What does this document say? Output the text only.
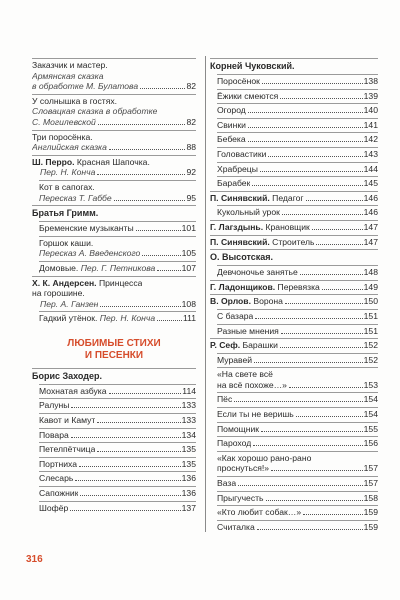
Заказчик и мастер.
Армянская сказка
в обработке М. Булатова	82
У солнышка в гостях.
Словацкая сказка в обработке
С. Могилевской	82
Три поросёнка.
Английская сказка	88
Ш. Перро. Красная Шапочка.
Пер. Н. Конча	92
Кот в сапогах.
Пересказ Т. Габбе	95
Братья Гримм.
Бременские музыканты	101
Горшок каши.
Пересказ А. Введенского	105
Домовые. Пер. Г. Петникова	107
Х. К. Андерсен. Принцесса
на горошине.
Пер. А. Ганзен	108
Гадкий утёнок. Пер. Н. Конча	111
ЛЮБИМЫЕ СТИХИ
И ПЕСЕНКИ
Борис Заходер.
Мохнатая азбука	114
Ралуны	133
Кавот и Камут	133
Повара	134
Петелпётчица	135
Портниха	135
Слесарь	136
Сапожник	136
Шофёр	137
Корней Чуковский.
Поросёнок	138
Ёжики смеются	139
Огород	140
Свинки	141
Бебека	142
Головастики	143
Храбрецы	144
Барабек	145
П. Синявский. Педагог	146
Кукольный урок	146
Г. Лагздынь. Крановщик	147
П. Синявский. Строитель	147
О. Высотская.
Девчоночье занятье	148
Г. Ладонщиков. Перевязка	149
В. Орлов. Ворона	150
С базара	151
Разные мнения	151
Р. Сеф. Барашки	152
Муравей	152
«На свете всё
на всё похоже…»	153
Пёс	154
Если ты не веришь	154
Помощник	155
Пароход	156
«Как хорошо рано-рано
проснуться!»	157
Ваза	157
Прыгучесть	158
«Кто любит собак…»	159
Считалка	159
316
